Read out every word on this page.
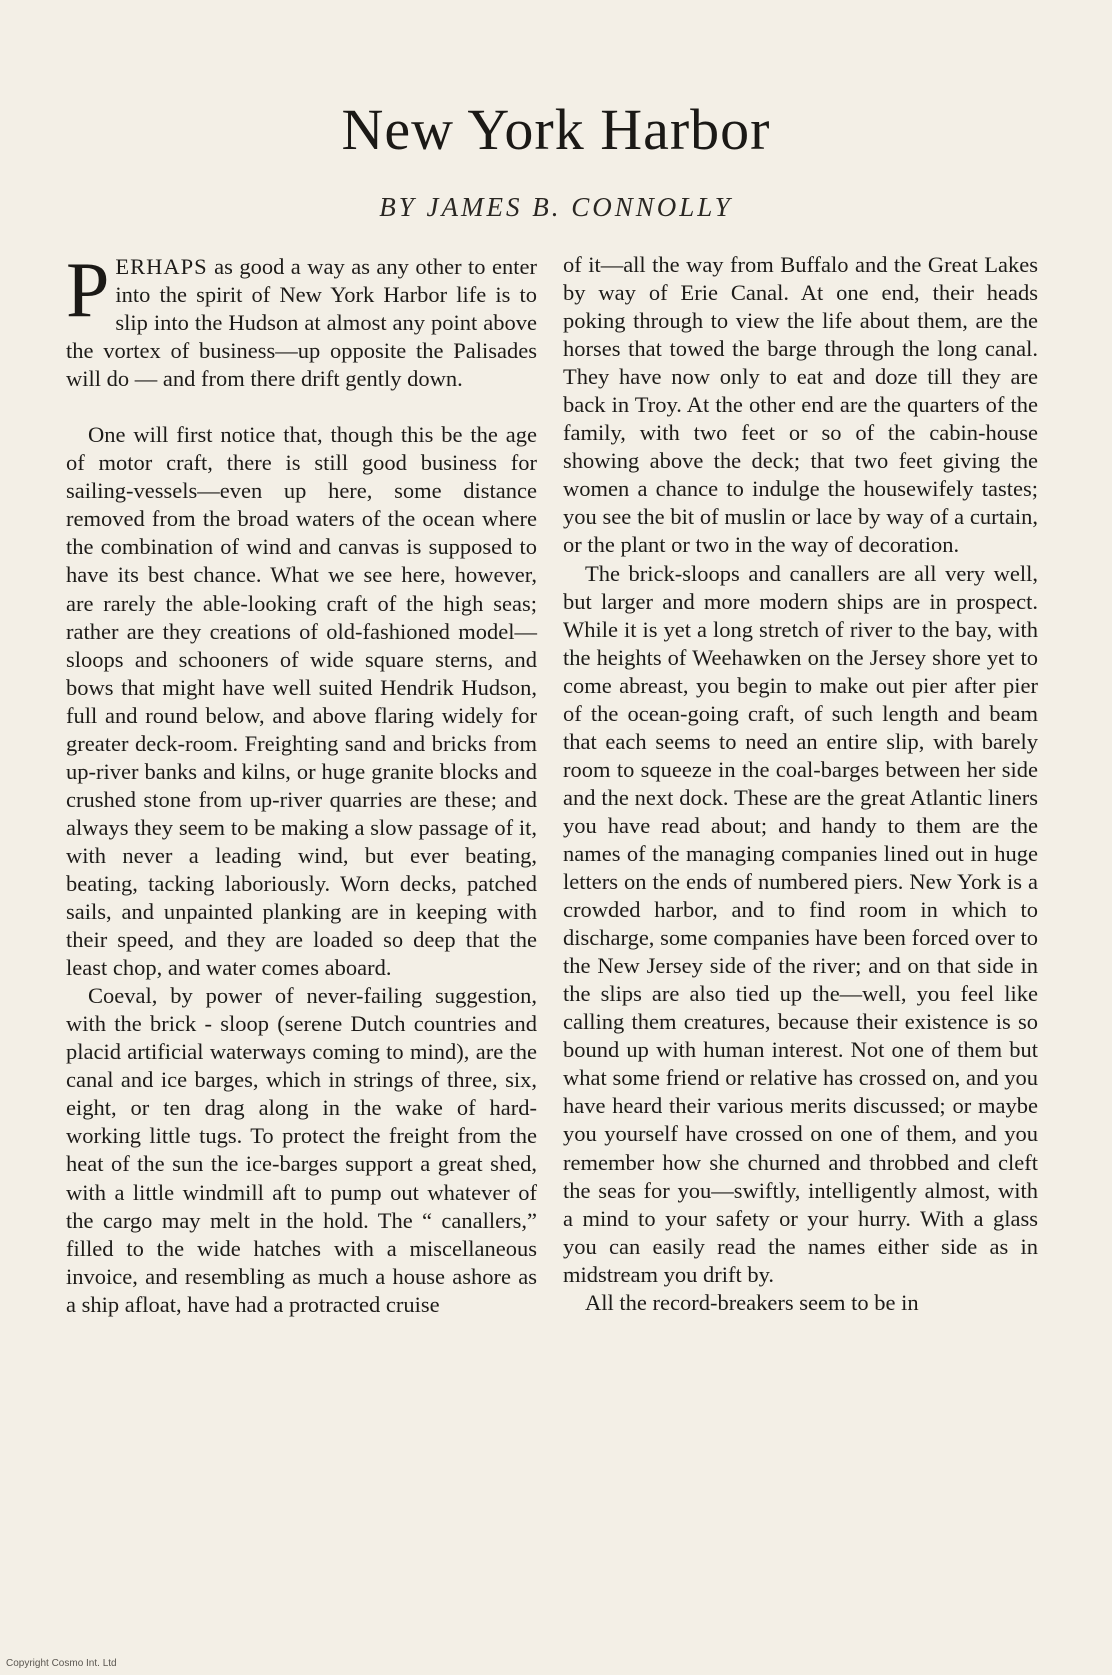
New York Harbor
BY JAMES B. CONNOLLY

PERHAPS as good a way as any other to enter into the spirit of New York Harbor life is to slip into the Hudson at almost any point above the vortex of business—up opposite the Palisades will do — and from there drift gently down.

One will first notice that, though this be the age of motor craft, there is still good business for sailing-vessels—even up here, some distance removed from the broad waters of the ocean where the combination of wind and canvas is supposed to have its best chance. What we see here, however, are rarely the able-looking craft of the high seas; rather are they creations of old-fashioned model—sloops and schooners of wide square sterns, and bows that might have well suited Hendrik Hudson, full and round below, and above flaring widely for greater deck-room. Freighting sand and bricks from up-river banks and kilns, or huge granite blocks and crushed stone from up-river quarries are these; and always they seem to be making a slow passage of it, with never a leading wind, but ever beating, beating, tacking laboriously. Worn decks, patched sails, and unpainted planking are in keeping with their speed, and they are loaded so deep that the least chop, and water comes aboard.

Coeval, by power of never-failing suggestion, with the brick - sloop (serene Dutch countries and placid artificial waterways coming to mind), are the canal and ice barges, which in strings of three, six, eight, or ten drag along in the wake of hard-working little tugs. To protect the freight from the heat of the sun the ice-barges support a great shed, with a little windmill aft to pump out whatever of the cargo may melt in the hold. The “ canallers,” filled to the wide hatches with a miscellaneous invoice, and resembling as much a house ashore as a ship afloat, have had a protracted cruise

of it—all the way from Buffalo and the Great Lakes by way of Erie Canal. At one end, their heads poking through to view the life about them, are the horses that towed the barge through the long canal. They have now only to eat and doze till they are back in Troy. At the other end are the quarters of the family, with two feet or so of the cabin-house showing above the deck; that two feet giving the women a chance to indulge the housewifely tastes; you see the bit of muslin or lace by way of a curtain, or the plant or two in the way of decoration.

The brick-sloops and canallers are all very well, but larger and more modern ships are in prospect. While it is yet a long stretch of river to the bay, with the heights of Weehawken on the Jersey shore yet to come abreast, you begin to make out pier after pier of the ocean-going craft, of such length and beam that each seems to need an entire slip, with barely room to squeeze in the coal-barges between her side and the next dock. These are the great Atlantic liners you have read about; and handy to them are the names of the managing companies lined out in huge letters on the ends of numbered piers. New York is a crowded harbor, and to find room in which to discharge, some companies have been forced over to the New Jersey side of the river; and on that side in the slips are also tied up the—well, you feel like calling them creatures, because their existence is so bound up with human interest. Not one of them but what some friend or relative has crossed on, and you have heard their various merits discussed; or maybe you yourself have crossed on one of them, and you remember how she churned and throbbed and cleft the seas for you—swiftly, intelligently almost, with a mind to your safety or your hurry. With a glass you can easily read the names either side as in midstream you drift by.

All the record-breakers seem to be in

Copyright Cosmo Int. Ltd
